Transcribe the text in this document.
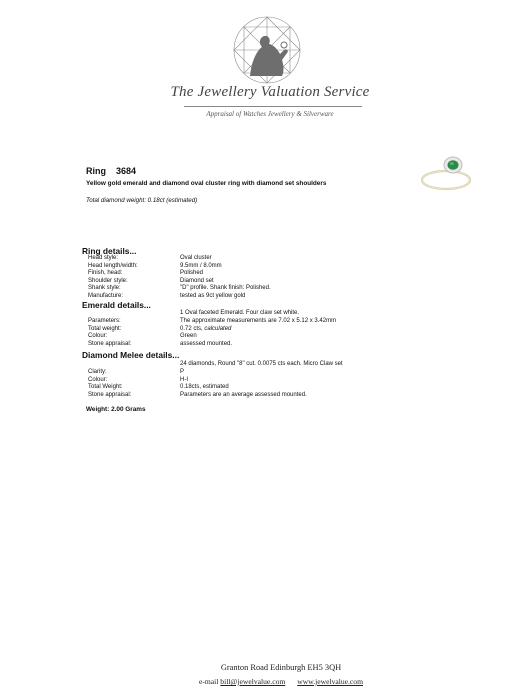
The Jewellery Valuation Service
Appraisal of Watches Jewellery & Silverware
Ring 3684
Yellow gold emerald and diamond oval cluster ring with diamond set shoulders
Total diamond weight: 0.18ct (estimated)
Ring details...
Head style:
Head length/width:
Finish, head:
Shoulder style:
Shank style:
Manufacture:
Oval cluster
9.5mm / 8.0mm
Polished
Diamond set
"D" profile. Shank finish: Polished.
tested as 9ct yellow gold
Emerald details...
1 Oval faceted Emerald. Four claw set white.
Parameters:
Total weight:
Colour:
Stone appraisal:
The approximate measurements are 7.02 x 5.12 x 3.42mm
0.72 cts, calculated
Green
assessed mounted.
Diamond Melee details...
24 diamonds, Round "8" cut. 0.0075 cts each. Micro Claw set
Clarity:
Colour:
Total Weight:
Stone appraisal:
P
H-I
0.18cts, estimated
Parameters are an average assessed mounted.
Weight: 2.00 Grams
Granton Road Edinburgh EH5 3QH
e-mail bill@jewelvalue.com www.jewelvalue.com
